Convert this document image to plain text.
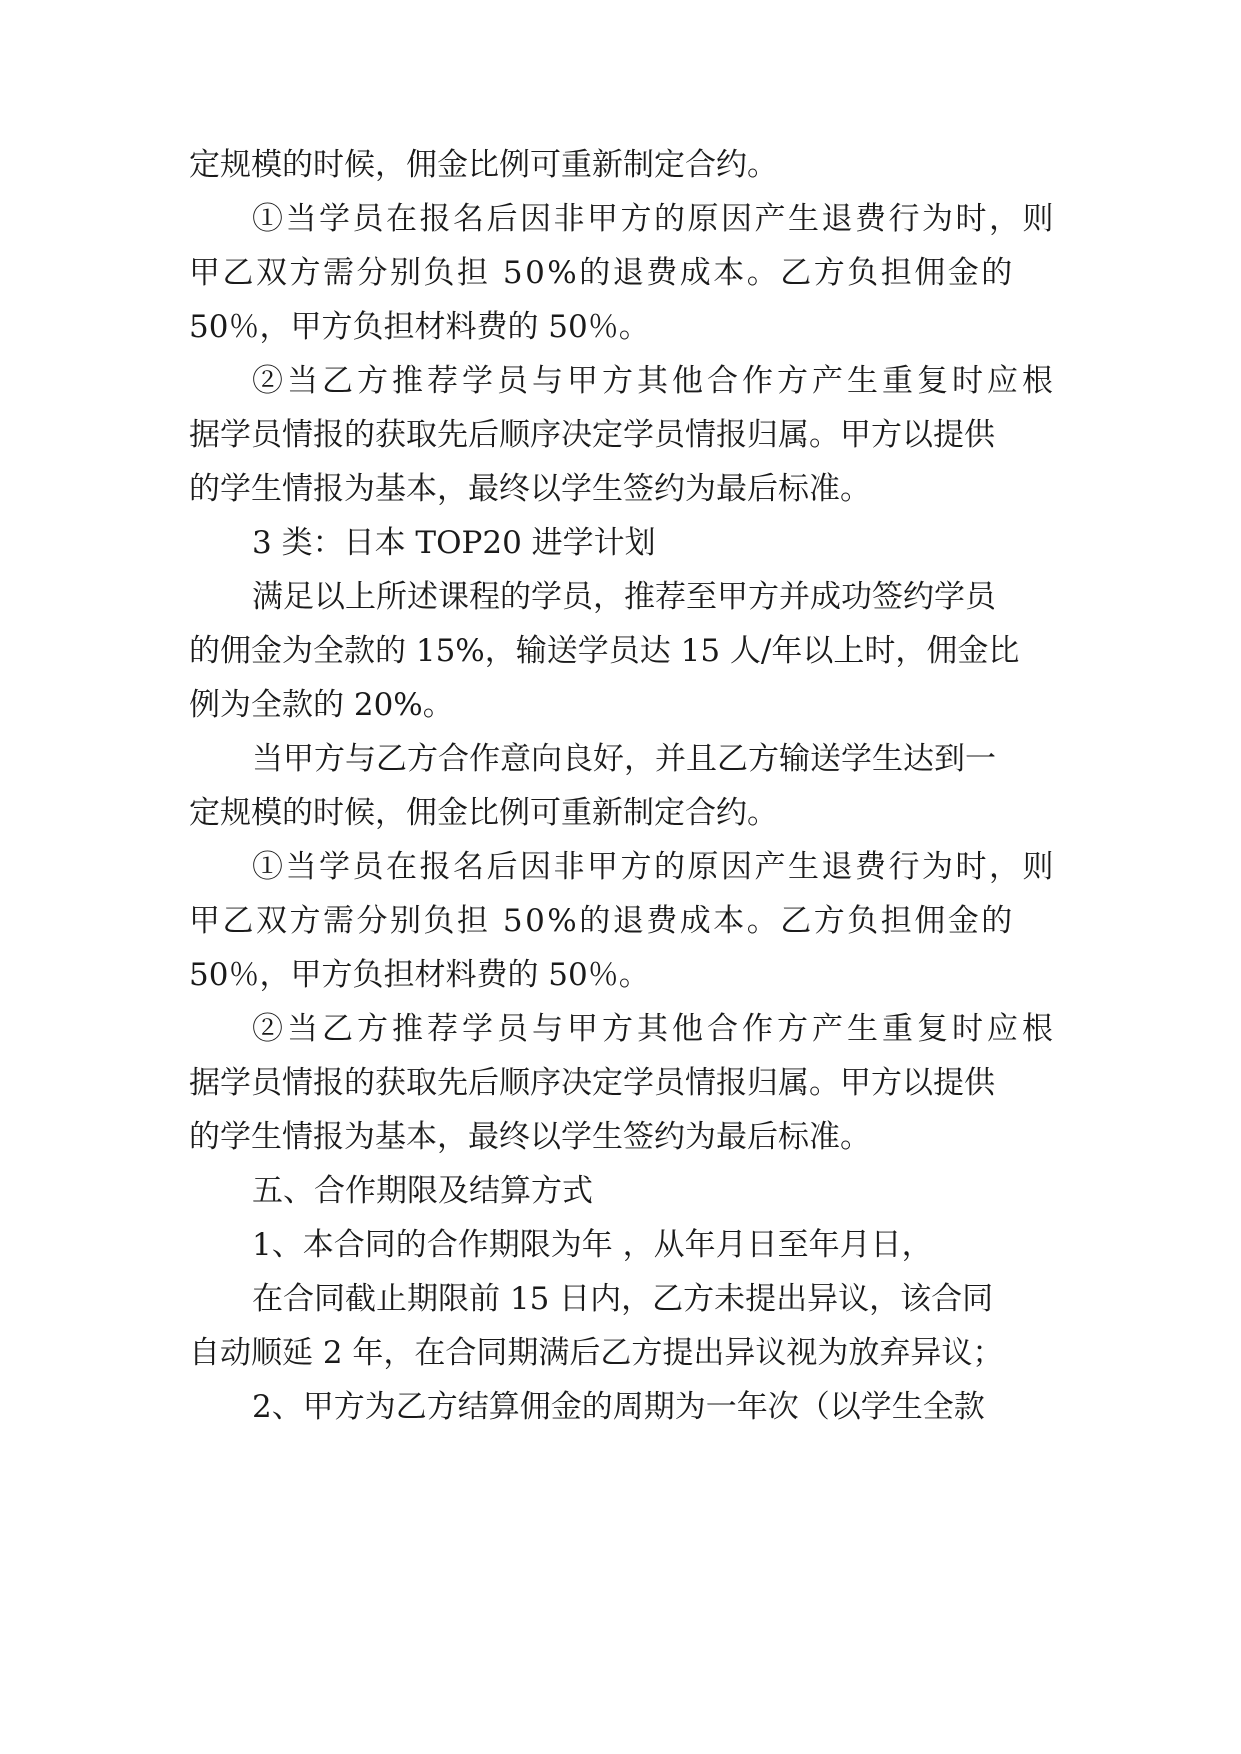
定规模的时候，佣金比例可重新制定合约。

①当学员在报名后因非甲方的原因产生退费行为时，则

甲乙双方需分别负担 50%的退费成本。乙方负担佣金的

50％，甲方负担材料费的 50％。

②当乙方推荐学员与甲方其他合作方产生重复时应根

据学员情报的获取先后顺序决定学员情报归属。甲方以提供

的学生情报为基本，最终以学生签约为最后标准。

3 类：日本 TOP20 进学计划

满足以上所述课程的学员，推荐至甲方并成功签约学员

的佣金为全款的 15%，输送学员达 15 人/年以上时，佣金比

例为全款的 20%。

当甲方与乙方合作意向良好，并且乙方输送学生达到一

定规模的时候，佣金比例可重新制定合约。

①当学员在报名后因非甲方的原因产生退费行为时，则

甲乙双方需分别负担 50%的退费成本。乙方负担佣金的

50％，甲方负担材料费的 50％。

②当乙方推荐学员与甲方其他合作方产生重复时应根

据学员情报的获取先后顺序决定学员情报归属。甲方以提供

的学生情报为基本，最终以学生签约为最后标准。

五、合作期限及结算方式

1、本合同的合作期限为年 ，从年月日至年月日，

在合同截止期限前 15 日内，乙方未提出异议，该合同

自动顺延 2 年，在合同期满后乙方提出异议视为放弃异议；

2、甲方为乙方结算佣金的周期为一年次（以学生全款
